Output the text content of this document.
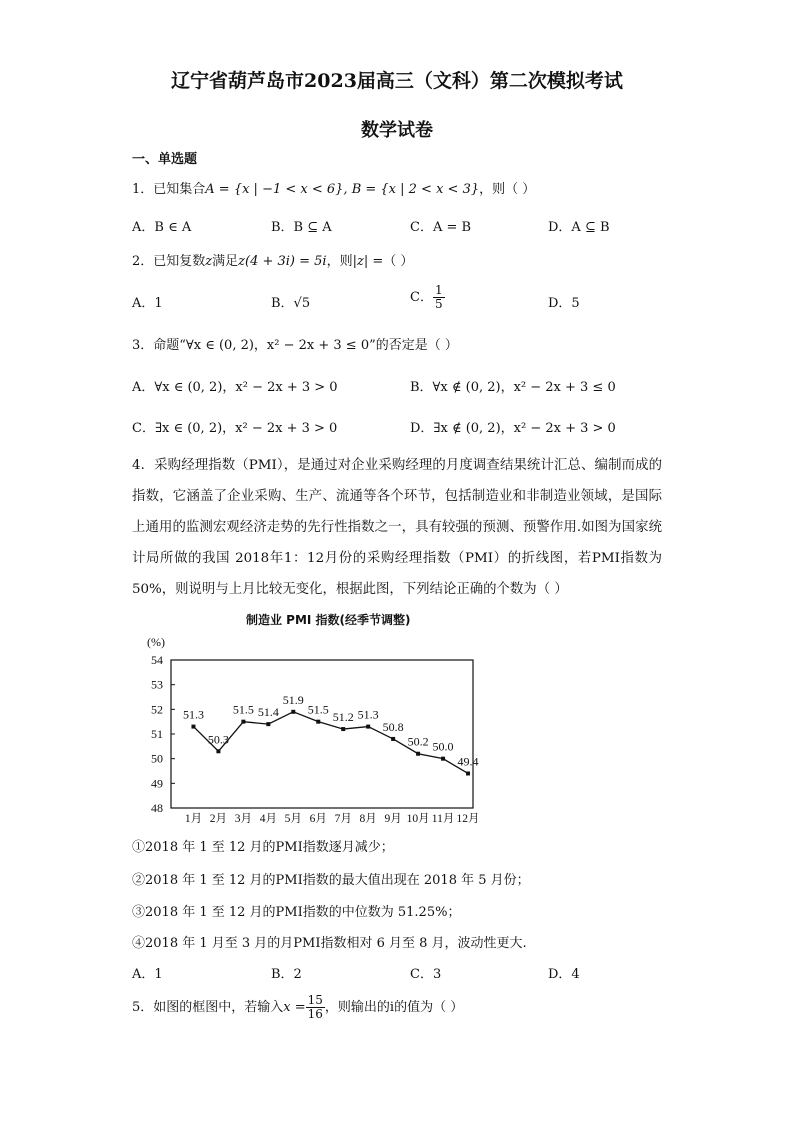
辽宁省葫芦岛市2023届高三（文科）第二次模拟考试
数学试卷
一、单选题
1．已知集合A = {x | −1 < x < 6}, B = {x | 2 < x < 3}，则（ ）
A．B ∈ A	B．B ⊆ A	C．A = B	D．A ⊆ B
2．已知复数z满足z(4 + 3i) = 5i，则|z| =（ ）
A．1	B．√5	C． $\frac{1}{5}$	D．5
3．命题“∀x ∈ (0, 2)，x² − 2x + 3 ≤ 0”的否定是（ ）
A．∀x ∈ (0, 2)，x² − 2x + 3 > 0	B．∀x ∉ (0, 2)，x² − 2x + 3 ≤ 0
C．∃x ∈ (0, 2)，x² − 2x + 3 > 0	D．∃x ∉ (0, 2)，x² − 2x + 3 > 0

4．采购经理指数（PMI），是通过对企业采购经理的月度调查结果统计汇总、编制而成的指数，它涵盖了企业采购、生产、流通等各个环节，包括制造业和非制造业领域，是国际上通用的监测宏观经济走势的先行性指数之一，具有较强的预测、预警作用.如图为国家统计局所做的我国 2018年1：12月份的采购经理指数（PMI）的折线图，若PMI指数为50%，则说明与上月比较无变化，根据此图，下列结论正确的个数为（ ）

制造业 PMI 指数(经季节调整)
(%)
48
49
50
51
52
53
54
1月 2月 3月 4月 5月 6月 7月 8月 9月 10月 11月 12月
51.3
50.3
51.5 51.4
51.9
51.5
51.2 51.3
50.8
50.2 50.0
49.4
①2018 年 1 至 12 月的PMI指数逐月减少；
②2018 年 1 至 12 月的PMI指数的最大值出现在 2018 年 5 月份；
③2018 年 1 至 12 月的PMI指数的中位数为 51.25%；
④2018 年 1 月至 3 月的月PMI指数相对 6 月至 8 月，波动性更大.
A．1	B．2	C．3	D．4
5．如图的框图中，若输入$x = \frac{15}{16}$ ，则输出的i的值为（ ）
